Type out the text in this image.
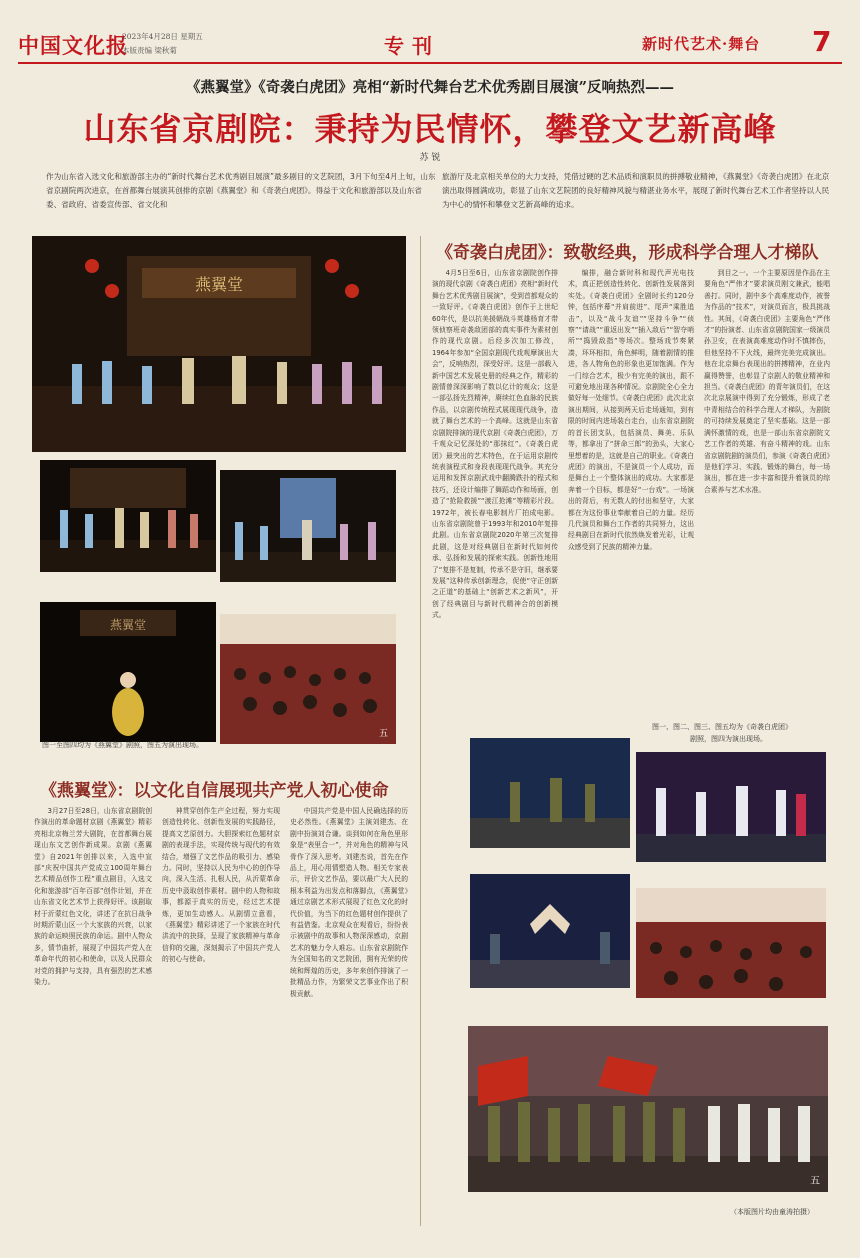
中国文化报
2023年4月28日 星期五
本版责编 梁秋菊	专刊	新时代艺术·舞台 7
《燕翼堂》《奇袭白虎团》亮相“新时代舞台艺术优秀剧目展演”反响热烈——
山东省京剧院：秉持为民情怀，攀登文艺新高峰
苏 锐
作为山东省入选文化和旅游部主办的“新时代舞台艺术优秀剧目展演”最多剧目的文艺院团，3月下旬至4月上旬，山东省京剧院两次进京，在首都舞台展演其创排的京剧《燕翼堂》和《奇袭白虎团》。得益于文化和旅游部以及山东省委、省政府、省委宣传部、省文化和
旅游厅及北京相关单位的大力支持，凭借过硬的艺术品质和演职员的拼搏敬业精神，《燕翼堂》《奇袭白虎团》在北京演出取得圆满成功，彰显了山东文艺院团的良好精神风貌与精湛业务水平，展现了新时代舞台艺术工作者坚持以人民为中心的情怀和攀登文艺新高峰的追求。
燕翼堂
燕翼堂
五
图一至图四均为《燕翼堂》剧照，图五为演出现场。
《燕翼堂》：以文化自信展现共产党人初心使命

3月27日至28日，山东省京剧院创作演出的革命题材京剧《燕翼堂》精彩亮相北京梅兰芳大剧院，在首都舞台展现山东文艺创作新成果。京剧《燕翼堂》自2021年创排以来，入选中宣部“庆祝中国共产党成立100周年舞台艺术精品创作工程”重点剧目，入选文化和旅游部“百年百部”创作计划，并在山东省文化艺术节上获得好评。该剧取材于沂蒙红色文化，讲述了在抗日战争时期沂蒙山区一个大家族的兴衰，以家族的命运映照民族的命运。剧中人物众多，情节曲折，展现了中国共产党人在革命年代的初心和使命，以及人民群众对党的拥护与支持，具有强烈的艺术感染力。

神贯穿创作生产全过程，努力实现创造性转化、创新性发展的实践路径，提高文艺原创力。大胆探索红色题材京剧的表现手法，实现传统与现代的有效结合，增强了文艺作品的吸引力、感染力。同时，坚持以人民为中心的创作导向，深入生活、扎根人民，从沂蒙革命历史中汲取创作素材。剧中的人物和故事，都源于真实的历史，经过艺术提炼，更加生动感人。从剧情立意看，《燕翼堂》精彩讲述了一个家族在时代洪流中的抉择，呈现了家族精神与革命信仰的交融，深刻揭示了中国共产党人的初心与使命。

中国共产党是中国人民确选择的历史必然性。《燕翼堂》主演刘建杰、在剧中扮演刘合谦。谈到如何在角色里形象是“表里合一”，并对角色的精神与风骨作了深入思考。刘建杰说，首先在作品上，用心用情塑造人物。相关专家表示，评价文艺作品，要以最广大人民的根本利益为出发点和落脚点，《燕翼堂》通过京剧艺术形式展现了红色文化的时代价值，为当下的红色题材创作提供了有益借鉴。北京观众在观看后，纷纷表示被剧中的故事和人物深深感动，京剧艺术的魅力令人难忘。山东省京剧院作为全国知名的文艺院团，拥有光荣的传统和辉煌的历史，多年来创作排演了一批精品力作，为繁荣文艺事业作出了积极贡献。

《奇袭白虎团》：致敬经典，形成科学合理人才梯队

4月5日至6日，山东省京剧院创作排演的现代京剧《奇袭白虎团》亮相“新时代舞台艺术优秀剧目展演”，受到首都观众的一致好评。《奇袭白虎团》创作于上世纪60年代，是以抗美援朝战斗英雄杨育才带领侦察班奇袭敌团部的真实事件为素材创作的现代京剧。后经多次加工修改，1964年参加“全国京剧现代戏观摩演出大会”，反响热烈，深受好评。这是一部载入新中国艺术发展史册的经典之作，精彩的剧情曾深深影响了数以亿计的观众；这是一部弘扬先烈精神，赓续红色血脉的民族作品，以京剧传统程式展现现代战争，造就了舞台艺术的一个高峰。这就是山东省京剧院排演的现代京剧《奇袭白虎团》，万千观众记忆深处的“那抹红”。《奇袭白虎团》最突出的艺术特色，在于运用京剧传统表演程式和身段表现现代战争。其充分运用和发挥京剧武戏中翻腾跌扑的程式和技巧，还设计编排了舞蹈动作和场面，创造了“抢险救援”“渡江抢滩”等精彩片段。1972年，被长春电影制片厂拍成电影。山东省京剧院曾于1993年和2010年复排此剧。山东省京剧院2020年第三次复排此剧，这是对经典剧目在新时代如何传承、弘扬和发展的探索实践。创新性地用了“复排不是复制，传承不是守旧，继承要发展”这种传承创新理念，促使“守正创新之正道”的基础上“创新艺术之新风”，开创了经典剧目与新时代精神合的创新模式。

编排，融合新时科和现代声光电技术，真正把创造性转化、创新性发展落到实处。《奇袭白虎团》全剧时长约120分钟，包括序幕“并肩前进”、尾声“乘胜追击”，以及“战斗友谊”“坚持斗争”“侦察”“请战”“重返出发”“插入敌后”“智夺哨所”“捣毁敌指”等场次。整场戏节奏紧凑，环环相扣，角色鲜明，随着剧情的推进，各人物角色的形象也更加饱满。作为一门综合艺术，极少有完美的演出，跟不可避免地出现各种情况。京剧院全心全力做好每一处细节。《奇袭白虎团》此次北京演出期间，从接到两天后走场通知，到有限的时间内进场装台走台，山东省京剧院的首长团支队，包括演员、舞美、乐队等，都拿出了“拼命三郎”的劲头，大家心里想着的是，这就是自己的职业。《奇袭白虎团》的演出，不是演员一个人成功，而是舞台上一个整体演出的成功。大家都是奔着一个目标，都是好“一台戏”。一场演出的背后，有无数人的付出和坚守，大家都在为这份事业奉献着自己的力量。经历几代演员和舞台工作者的共同努力，这出经典剧目在新时代依然焕发着光彩，让观众感受到了民族的精神力量。

到目之一。一个主要原因是作品在主要角色“严伟才”要求演员刚文兼武，能唱善打。同时，剧中多个高难度动作，被誉为作品的“技术”，对演员而言，极具挑战性。其间，《奇袭白虎团》主要角色“严伟才”的扮演者、山东省京剧院国家一级演员孙卫安，在表演高难度动作时不慎摔伤，但他坚持不下火线，最终完美完成演出。他在北京舞台表现出的拼搏精神，在业内赢得赞誉，也彰显了京剧人的敬业精神和担当。《奇袭白虎团》的青年演员们，在这次北京展演中得到了充分锻炼，形成了老中青相结合的科学合理人才梯队，为剧院的可持续发展奠定了坚实基础。这是一部满怀激情的戏，也是一部山东省京剧院文艺工作者的英雄、有奋斗精神的戏。山东省京剧院剧的演员们，参演《奇袭白虎团》是他们学习、实践、锻炼的舞台，每一场演出，都在进一步丰富和提升着演员的综合素养与艺术水准。

图一、图二、图三、图五均为《奇袭白虎团》
剧照，图四为演出现场。
五
（本版图片均由童涛拍摄）
